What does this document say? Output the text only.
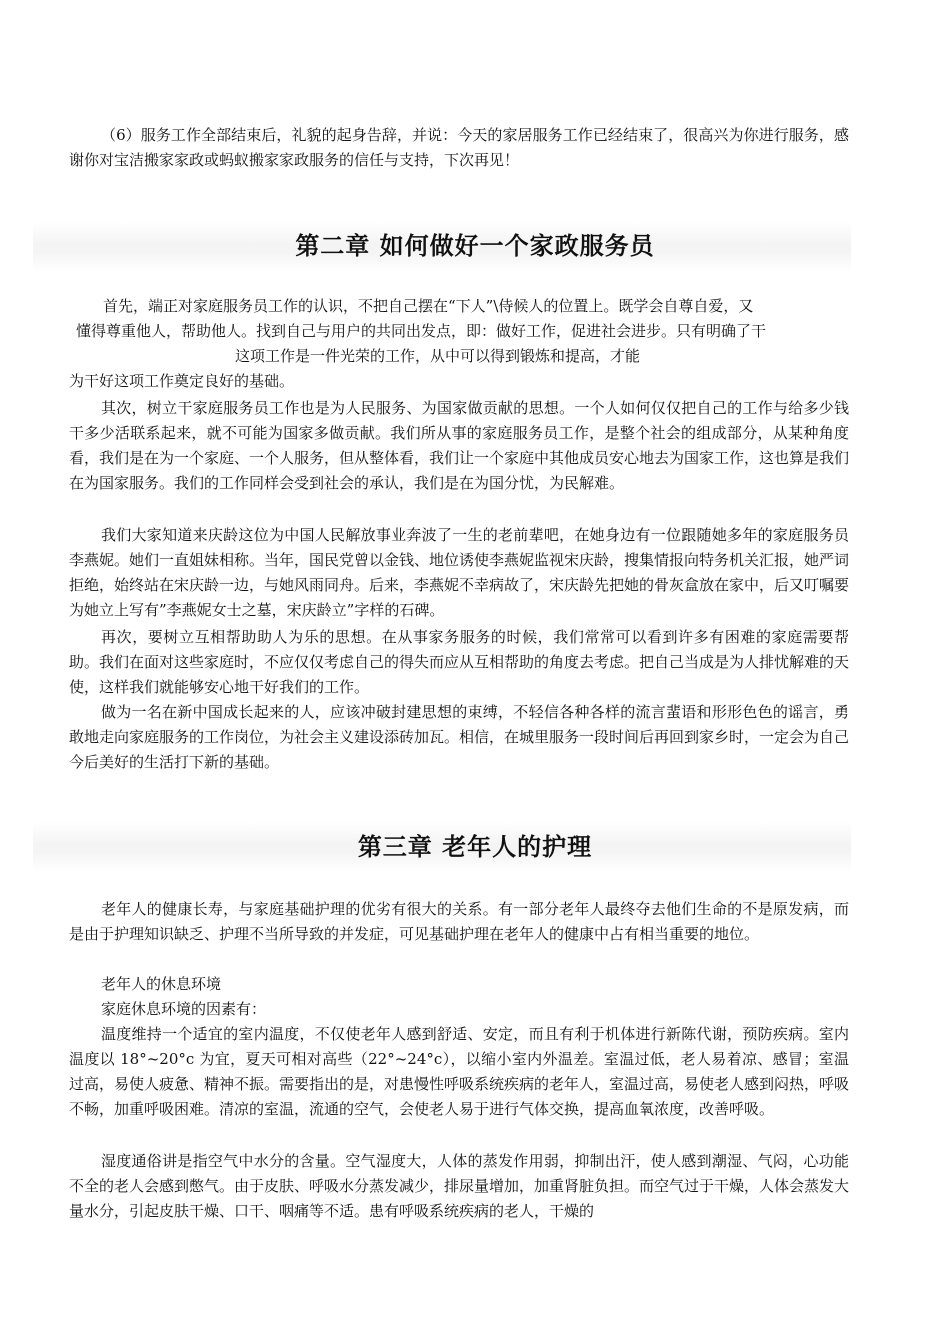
（6）服务工作全部结束后，礼貌的起身告辞，并说：今天的家居服务工作已经结束了，很高兴为你进行服务，感谢你对宝洁搬家家政或蚂蚁搬家家政服务的信任与支持，下次再见！

第二章 如何做好一个家政服务员

首先，端正对家庭服务员工作的认识，不把自己摆在“下人”\侍候人的位置上。既学会自尊自爱，又

懂得尊重他人，帮助他人。找到自己与用户的共同出发点，即：做好工作，促进社会进步。只有明确了干

这项工作是一件光荣的工作，从中可以得到锻炼和提高，才能

为干好这项工作奠定良好的基础。

其次，树立干家庭服务员工作也是为人民服务、为国家做贡献的思想。一个人如何仅仅把自己的工作与给多少钱干多少活联系起来，就不可能为国家多做贡献。我们所从事的家庭服务员工作，是整个社会的组成部分，从某种角度看，我们是在为一个家庭、一个人服务，但从整体看，我们让一个家庭中其他成员安心地去为国家工作，这也算是我们在为国家服务。我们的工作同样会受到社会的承认，我们是在为国分忧，为民解难。

我们大家知道来庆龄这位为中国人民解放事业奔波了一生的老前辈吧，在她身边有一位跟随她多年的家庭服务员李燕妮。她们一直姐妹相称。当年，国民党曾以金钱、地位诱使李燕妮监视宋庆龄，搜集情报向特务机关汇报，她严词拒绝，始终站在宋庆龄一边，与她风雨同舟。后来，李燕妮不幸病故了，宋庆龄先把她的骨灰盒放在家中，后又叮嘱要为她立上写有”李燕妮女士之墓，宋庆龄立”字样的石碑。

再次，要树立互相帮助助人为乐的思想。在从事家务服务的时候，我们常常可以看到许多有困难的家庭需要帮助。我们在面对这些家庭时，不应仅仅考虑自己的得失而应从互相帮助的角度去考虑。把自己当成是为人排忧解难的天使，这样我们就能够安心地干好我们的工作。

做为一名在新中国成长起来的人，应该冲破封建思想的束缚，不轻信各种各样的流言蜚语和形形色色的谣言，勇敢地走向家庭服务的工作岗位，为社会主义建设添砖加瓦。相信，在城里服务一段时间后再回到家乡时，一定会为自己今后美好的生活打下新的基础。

第三章 老年人的护理

老年人的健康长寿，与家庭基础护理的优劣有很大的关系。有一部分老年人最终夺去他们生命的不是原发病，而是由于护理知识缺乏、护理不当所导致的并发症，可见基础护理在老年人的健康中占有相当重要的地位。

老年人的休息环境

家庭休息环境的因素有：

温度维持一个适宜的室内温度，不仅使老年人感到舒适、安定，而且有利于机体进行新陈代谢，预防疾病。室内温度以 18°~20°c 为宜，夏天可相对高些（22°~24°c），以缩小室内外温差。室温过低，老人易着凉、感冒；室温过高，易使人疲惫、精神不振。需要指出的是，对患慢性呼吸系统疾病的老年人，室温过高，易使老人感到闷热，呼吸不畅，加重呼吸困难。清凉的室温，流通的空气，会使老人易于进行气体交换，提高血氧浓度，改善呼吸。

湿度通俗讲是指空气中水分的含量。空气湿度大，人体的蒸发作用弱，抑制出汗，使人感到潮湿、气闷，心功能不全的老人会感到憋气。由于皮肤、呼吸水分蒸发减少，排尿量增加，加重肾脏负担。而空气过于干燥，人体会蒸发大量水分，引起皮肤干燥、口干、咽痛等不适。患有呼吸系统疾病的老人，干燥的
